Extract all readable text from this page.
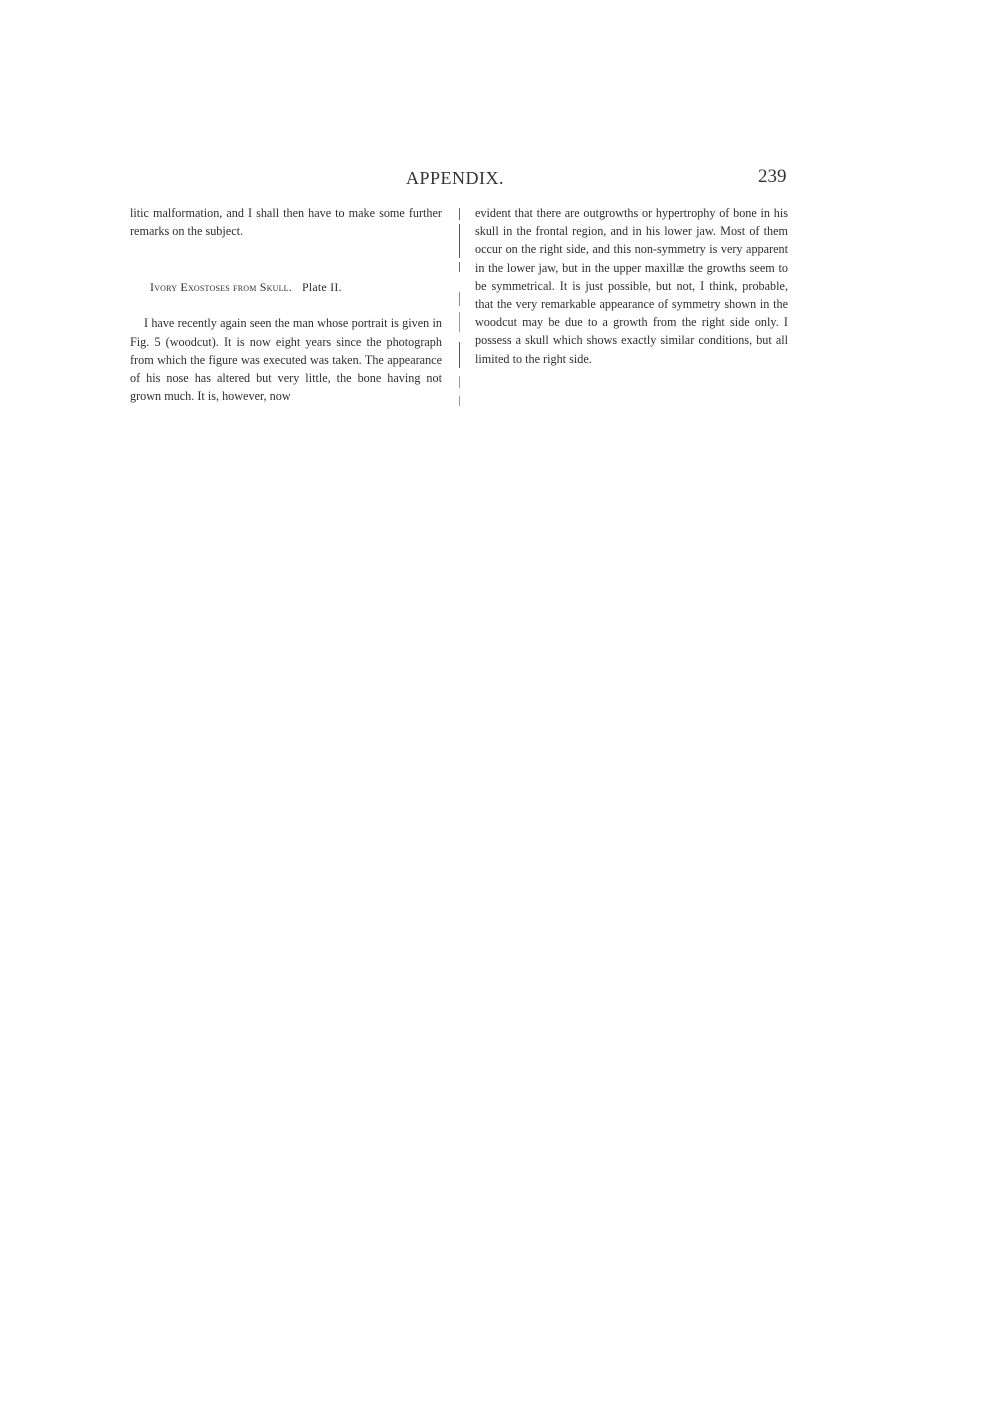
APPENDIX.	239

litic malformation, and I shall then have to make some further remarks on the subject.

Ivory Exostoses from Skull. Plate II.

I have recently again seen the man whose portrait is given in Fig. 5 (woodcut). It is now eight years since the photograph from which the figure was executed was taken. The appearance of his nose has altered but very little, the bone having not grown much. It is, however, now

evident that there are outgrowths or hypertrophy of bone in his skull in the frontal region, and in his lower jaw. Most of them occur on the right side, and this non-symmetry is very apparent in the lower jaw, but in the upper maxillæ the growths seem to be symmetrical. It is just possible, but not, I think, probable, that the very remarkable appearance of symmetry shown in the woodcut may be due to a growth from the right side only. I possess a skull which shows exactly similar conditions, but all limited to the right side.
